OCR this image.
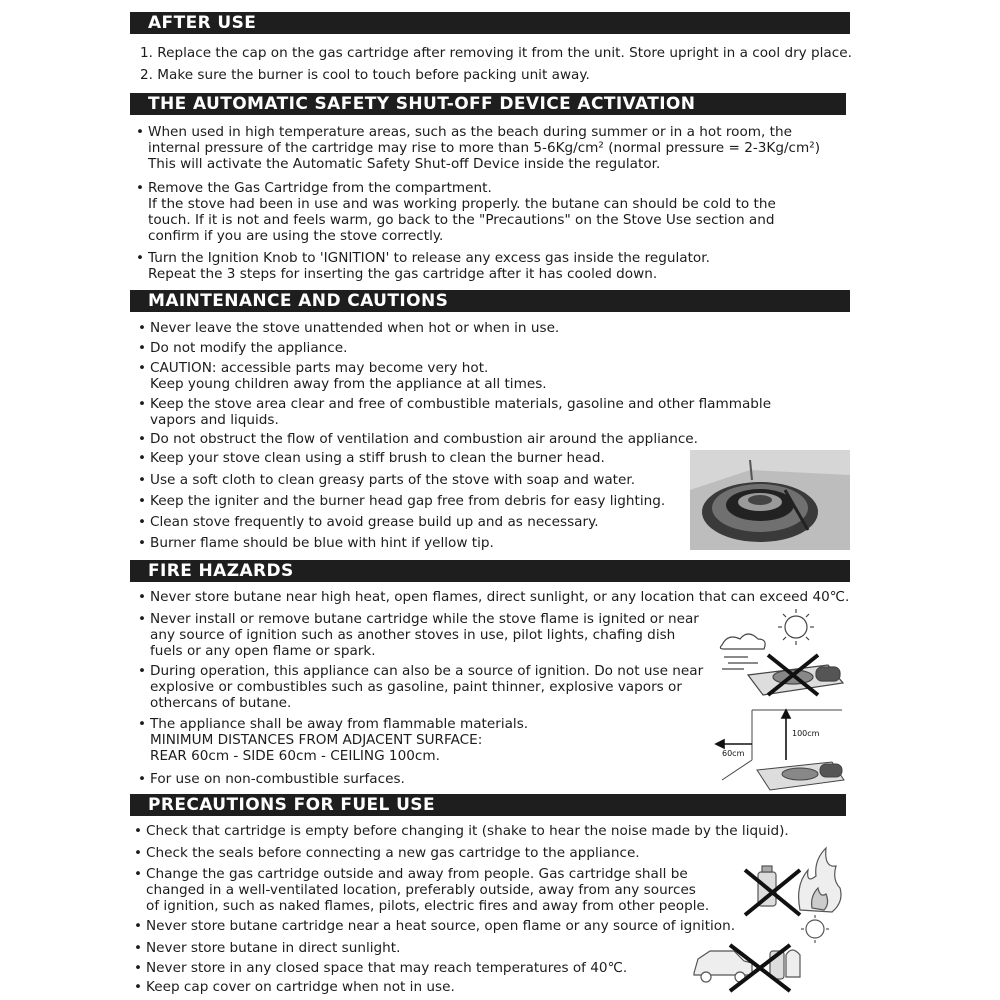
AFTER USE
1. Replace the cap on the gas cartridge after removing it from the unit. Store upright in a cool dry place.
2. Make sure the burner is cool to touch before packing unit away.
THE AUTOMATIC SAFETY SHUT-OFF DEVICE ACTIVATION
• When used in high temperature areas, such as the beach during summer or in a hot room, the
internal pressure of the cartridge may rise to more than 5-6Kg/cm² (normal pressure = 2-3Kg/cm²)
This will activate the Automatic Safety Shut-off Device inside the regulator.
• Remove the Gas Cartridge from the compartment.
If the stove had been in use and was working properly. the butane can should be cold to the
touch. If it is not and feels warm, go back to the "Precautions" on the Stove Use section and
confirm if you are using the stove correctly.
• Turn the Ignition Knob to 'IGNITION' to release any excess gas inside the regulator.
Repeat the 3 steps for inserting the gas cartridge after it has cooled down.
MAINTENANCE AND CAUTIONS
• Never leave the stove unattended when hot or when in use.
• Do not modify the appliance.
• CAUTION: accessible parts may become very hot.
Keep young children away from the appliance at all times.
• Keep the stove area clear and free of combustible materials, gasoline and other flammable
vapors and liquids.
• Do not obstruct the flow of ventilation and combustion air around the appliance.
• Keep your stove clean using a stiff brush to clean the burner head.
• Use a soft cloth to clean greasy parts of the stove with soap and water.
• Keep the igniter and the burner head gap free from debris for easy lighting.
• Clean stove frequently to avoid grease build up and as necessary.
• Burner flame should be blue with hint if yellow tip.
FIRE HAZARDS
• Never store butane near high heat, open flames, direct sunlight, or any location that can exceed 40℃.
• Never install or remove butane cartridge while the stove flame is ignited or near
any source of ignition such as another stoves in use, pilot lights, chafing dish
fuels or any open flame or spark.
• During operation, this appliance can also be a source of ignition. Do not use near
explosive or combustibles such as gasoline, paint thinner, explosive vapors or
othercans of butane.
• The appliance shall be away from flammable materials.
MINIMUM DISTANCES FROM ADJACENT SURFACE:
REAR 60cm - SIDE 60cm - CEILING 100cm.
• For use on non-combustible surfaces.
100cm
60cm
PRECAUTIONS FOR FUEL USE
• Check that cartridge is empty before changing it (shake to hear the noise made by the liquid).
• Check the seals before connecting a new gas cartridge to the appliance.
• Change the gas cartridge outside and away from people. Gas cartridge shall be
changed in a well-ventilated location, preferably outside, away from any sources
of ignition, such as naked flames, pilots, electric fires and away from other people.
• Never store butane cartridge near a heat source, open flame or any source of ignition.
• Never store butane in direct sunlight.
• Never store in any closed space that may reach temperatures of 40℃.
• Keep cap cover on cartridge when not in use.
